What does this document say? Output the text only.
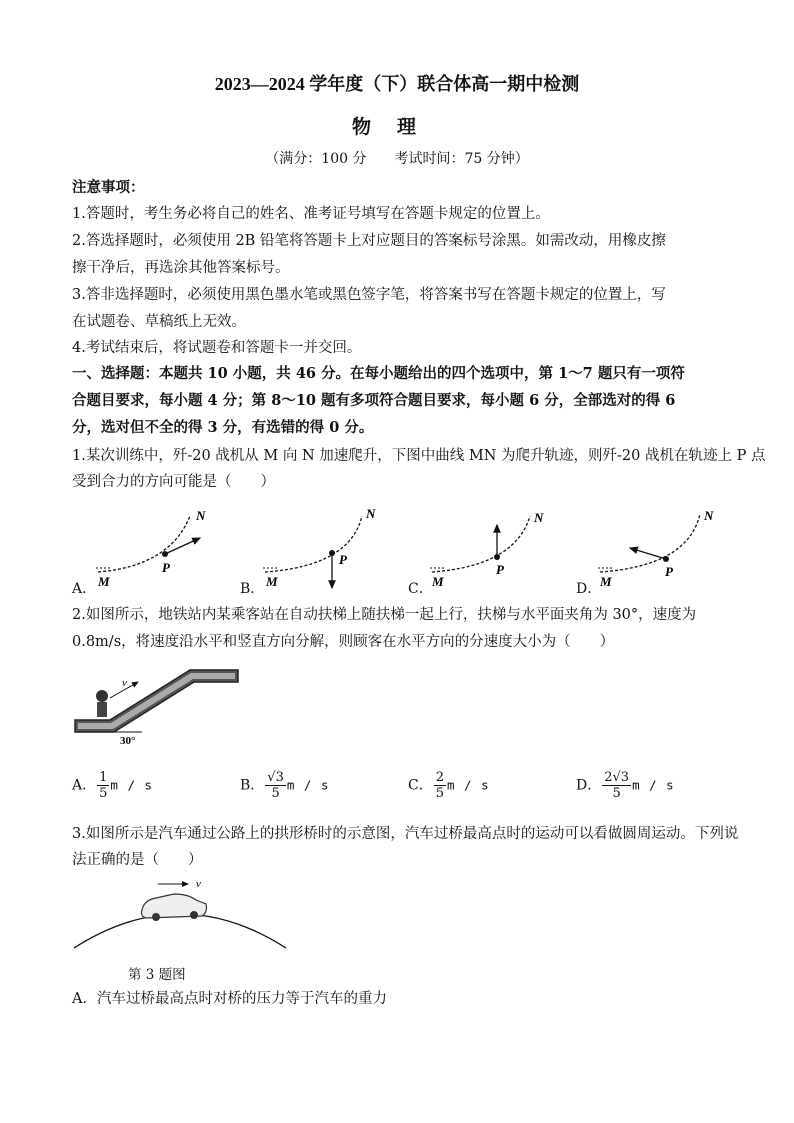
2023—2024 学年度（下）联合体高一期中检测
物理
（满分：100 分　　考试时间：75 分钟）
注意事项：
1.答题时，考生务必将自己的姓名、准考证号填写在答题卡规定的位置上。
2.答选择题时，必须使用 2B 铅笔将答题卡上对应题目的答案标号涂黑。如需改动，用橡皮擦
擦干净后，再选涂其他答案标号。
3.答非选择题时，必须使用黑色墨水笔或黑色签字笔，将答案书写在答题卡规定的位置上，写
在试题卷、草稿纸上无效。
4.考试结束后，将试题卷和答题卡一并交回。
一、选择题：本题共 10 小题，共 46 分。在每小题给出的四个选项中，第 1～7 题只有一项符
合题目要求，每小题 4 分；第 8～10 题有多项符合题目要求，每小题 6 分，全部选对的得 6
分，选对但不全的得 3 分，有选错的得 0 分。
1.某次训练中，歼-20 战机从 M 向 N 加速爬升，下图中曲线 MN 为爬升轨迹，则歼-20 战机在轨迹上 P 点
受到合力的方向可能是（　　）
M
N
P
M
N
P
M
N
P
M
N
P
A．	B．	C．	D．
2.如图所示，地铁站内某乘客站在自动扶梯上随扶梯一起上行，扶梯与水平面夹角为 30°，速度为
0.8m/s，将速度沿水平和竖直方向分解，则顾客在水平方向的分速度大小为（　　）
30°
v
A． $\frac{1}{5}$ m / s	B． $\frac{√3}{5}$ m / s	C． $\frac{2}{5}$ m / s	D． $\frac{2√3}{5}$ m / s
3.如图所示是汽车通过公路上的拱形桥时的示意图，汽车过桥最高点时的运动可以看做圆周运动。下列说
法正确的是（　　）
v
第 3 题图
A．汽车过桥最高点时对桥的压力等于汽车的重力
